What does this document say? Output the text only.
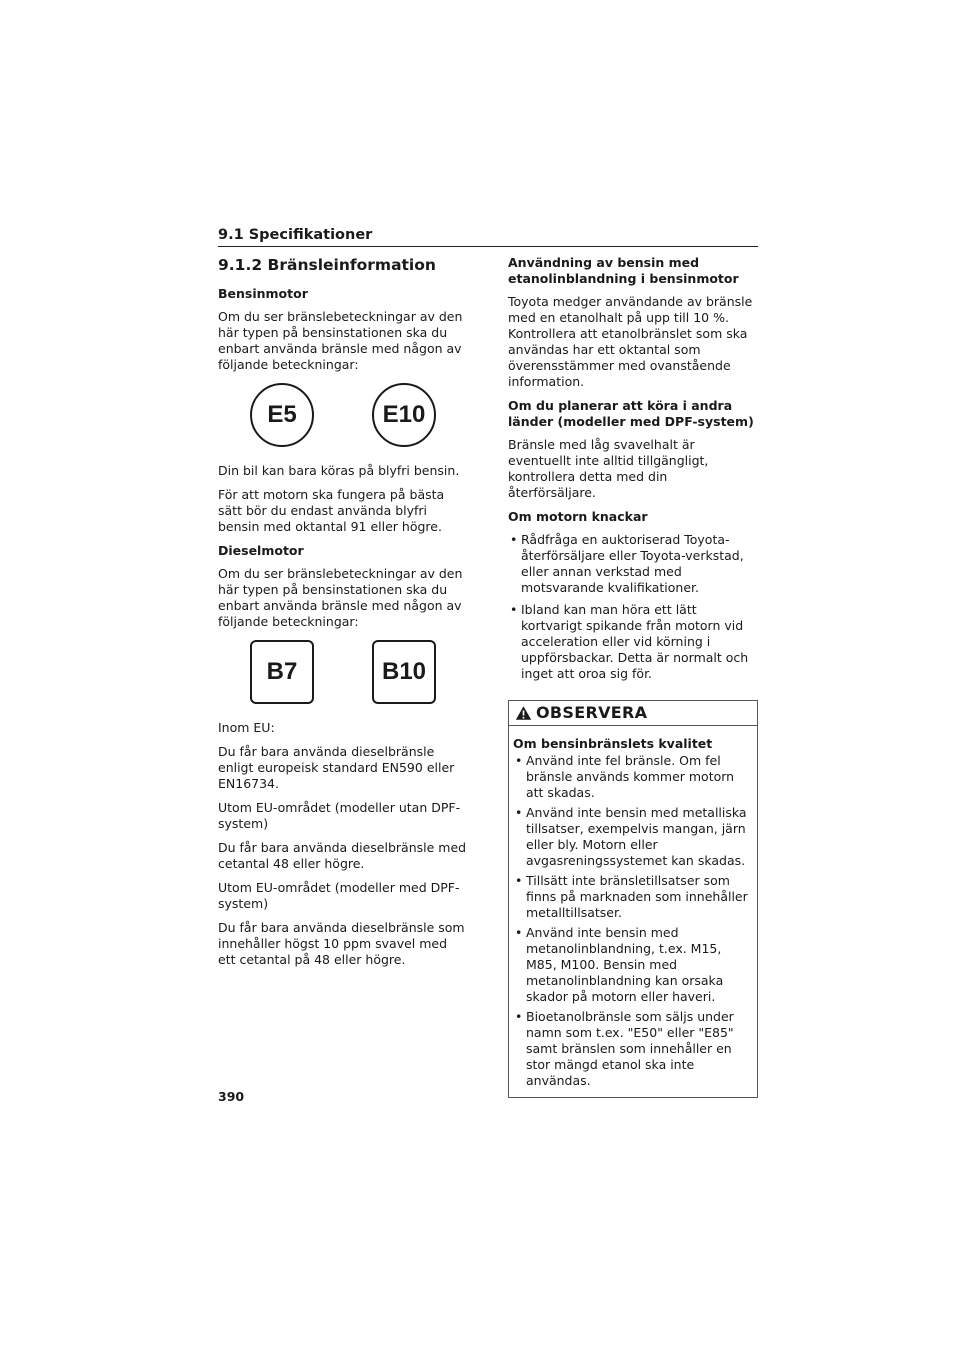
9.1 Specifikationer
9.1.2 Bränsleinformation
Bensinmotor

Om du ser bränslebeteckningar av den här typen på bensinstationen ska du enbart använda bränsle med någon av följande beteckningar:

E5	E10

Din bil kan bara köras på blyfri bensin.

För att motorn ska fungera på bästa sätt bör du endast använda blyfri bensin med oktantal 91 eller högre.

Dieselmotor

Om du ser bränslebeteckningar av den här typen på bensinstationen ska du enbart använda bränsle med någon av följande beteckningar:

B7	B10

Inom EU:

Du får bara använda dieselbränsle enligt europeisk standard EN590 eller EN16734.

Utom EU-området (modeller utan DPF-system)

Du får bara använda dieselbränsle med cetantal 48 eller högre.

Utom EU-området (modeller med DPF-system)

Du får bara använda dieselbränsle som innehåller högst 10 ppm svavel med ett cetantal på 48 eller högre.

Användning av bensin med etanolinblandning i bensinmotor

Toyota medger användande av bränsle med en etanolhalt på upp till 10 %. Kontrollera att etanolbränslet som ska användas har ett oktantal som överensstämmer med ovanstående information.

Om du planerar att köra i andra länder (modeller med DPF-system)

Bränsle med låg svavelhalt är eventuellt inte alltid tillgängligt, kontrollera detta med din återförsäljare.

Om motorn knackar
• Rådfråga en auktoriserad Toyota-återförsäljare eller Toyota-verkstad, eller annan verkstad med motsvarande kvalifikationer.
• Ibland kan man höra ett lätt kortvarigt spikande från motorn vid acceleration eller vid körning i uppförsbackar. Detta är normalt och inget att oroa sig för.
OBSERVERA
Om bensinbränslets kvalitet
• Använd inte fel bränsle. Om fel bränsle används kommer motorn att skadas.
• Använd inte bensin med metalliska tillsatser, exempelvis mangan, järn eller bly. Motorn eller avgasreningssystemet kan skadas.
• Tillsätt inte bränsletillsatser som finns på marknaden som innehåller metalltillsatser.
• Använd inte bensin med metanolinblandning, t.ex. M15, M85, M100. Bensin med metanolinblandning kan orsaka skador på motorn eller haveri.
• Bioetanolbränsle som säljs under namn som t.ex. "E50" eller "E85" samt bränslen som innehåller en stor mängd etanol ska inte användas.
390
